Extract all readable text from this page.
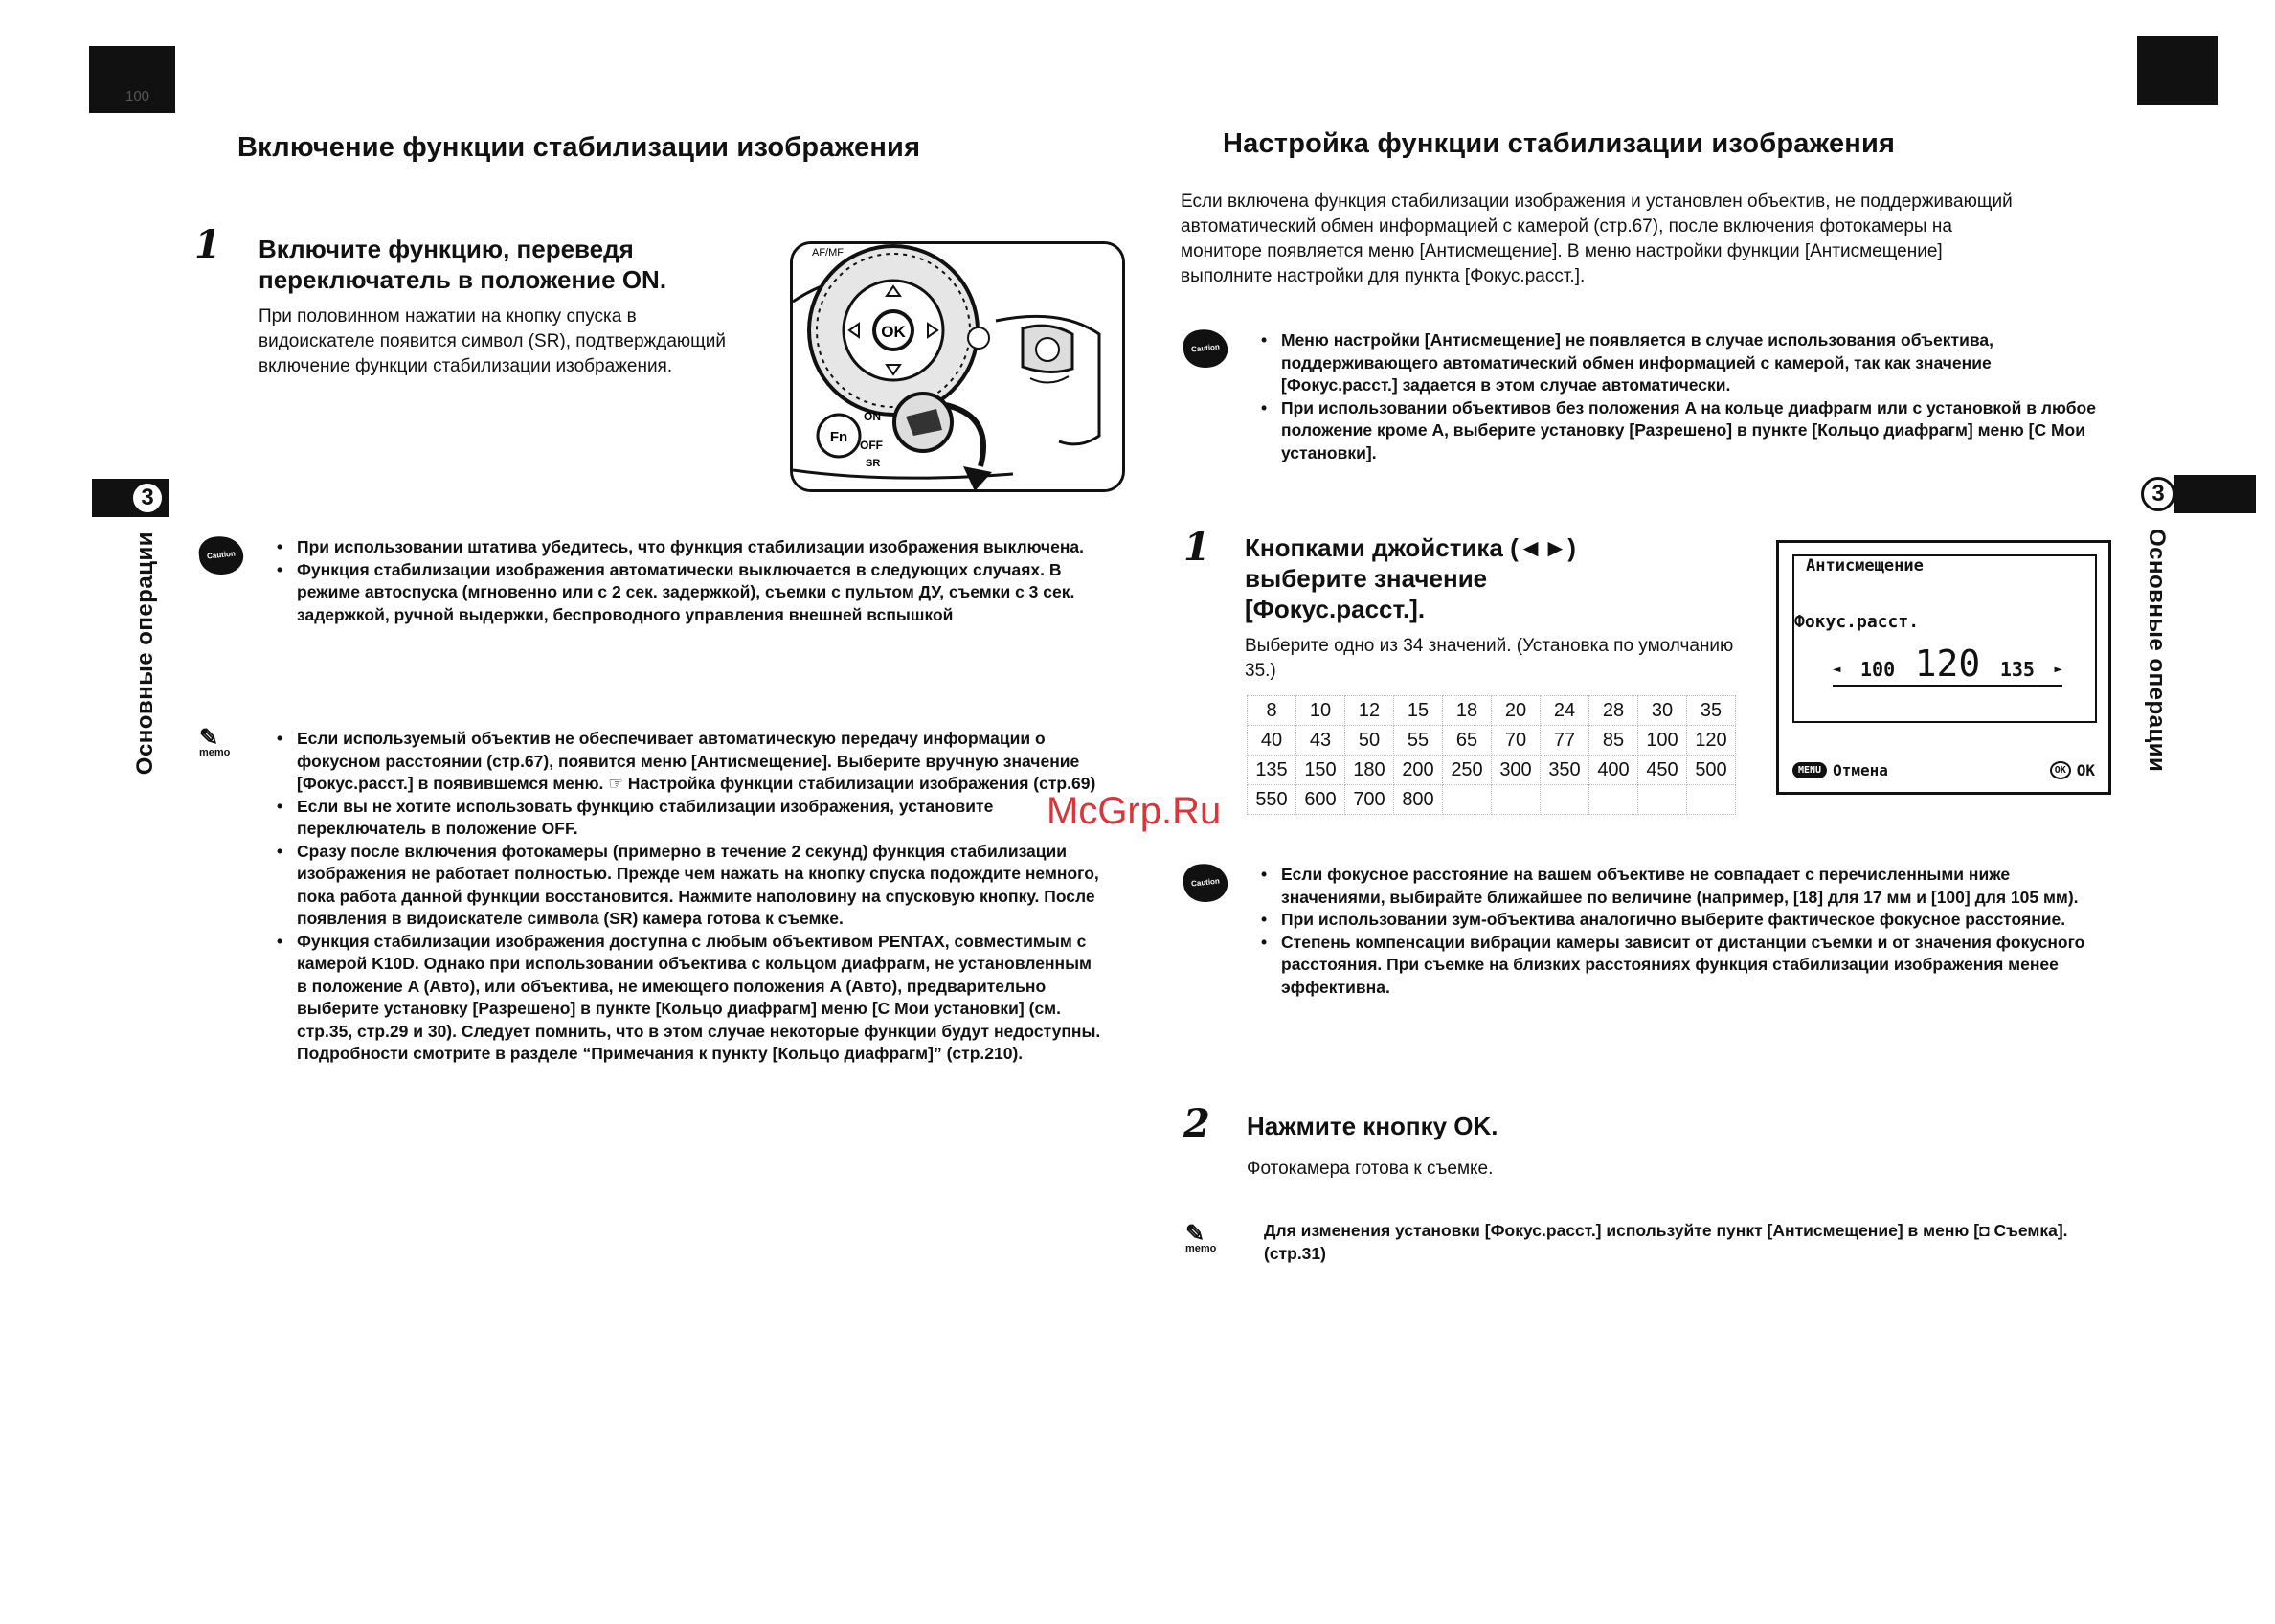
100
Включение функции стабилизации изображения
1 Включите функцию, переведя
переключатель в положение ON.
При половинном нажатии на кнопку спуска в видоискателе появится символ (SR), подтверждающий включение функции стабилизации изображения.
OK
AF/MF
Fn
ON
OFF
SR
Caution	• При использовании штатива убедитесь, что функция стабилизации изображения выключена.
• Функция стабилизации изображения автоматически выключается в следующих случаях. В режиме автоспуска (мгновенно или с 2 сек. задержкой), съемки с пультом ДУ, съемки с 3 сек. задержкой, ручной выдержки, беспроводного управления внешней вспышкой
✎
memo
• Если используемый объектив не обеспечивает автоматическую передачу информации о фокусном расстоянии (стр.67), появится меню [Антисмещение]. Выберите вручную значение [Фокус.расст.] в появившемся меню. ☞ Настройка функции стабилизации изображения (стр.69)
• Если вы не хотите использовать функцию стабилизации изображения, установите переключатель в положение OFF.
• Сразу после включения фотокамеры (примерно в течение 2 секунд) функция стабилизации изображения не работает полностью. Прежде чем нажать на кнопку спуска подождите немного, пока работа данной функции восстановится. Нажмите наполовину на спусковую кнопку. После появления в видоискателе символа (SR) камера готова к съемке.
• Функция стабилизации изображения доступна с любым объективом PENTAX, совместимым с камерой K10D. Однако при использовании объектива с кольцом диафрагм, не установленным в положение A (Авто), или объектива, не имеющего положения A (Авто), предварительно выберите установку [Разрешено] в пункте [Кольцо диафрагм] меню [C Мои установки] (см. стр.35, стр.29 и 30). Следует помнить, что в этом случае некоторые функции будут недоступны. Подробности смотрите в разделе “Примечания к пункту [Кольцо диафрагм]” (стр.210).
3
Основные операции
McGrp.Ru
Настройка функции стабилизации изображения
Если включена функция стабилизации изображения и установлен объектив, не поддерживающий автоматический обмен информацией с камерой (стр.67), после включения фотокамеры на мониторе появляется меню [Антисмещение]. В меню настройки функции [Антисмещение] выполните настройки для пункта [Фокус.расст.].
Caution	• Меню настройки [Антисмещение] не появляется в случае использования объектива, поддерживающего автоматический обмен информацией с камерой, так как значение [Фокус.расст.] задается в этом случае автоматически.
• При использовании объективов без положения A на кольце диафрагм или с установкой в любое положение кроме A, выберите установку [Разрешено] в пункте [Кольцо диафрагм] меню [C Мои установки].
1 Кнопками джойстика (◄►)
выберите значение
[Фокус.расст.].
Выберите одно из 34 значений. (Установка по умолчанию 35.)
8	10	12	15	18	20	24	28	30	35
40	43	50	55	65	70	77	85	100	120
135	150	180	200	250	300	350	400	450	500
550	600	700	800						
Антисмещение
Фокус.расст.
◄ 100 120 135 ►
MENU Отмена	OK OK
Caution	• Если фокусное расстояние на вашем объективе не совпадает с перечисленными ниже значениями, выбирайте ближайшее по величине (например, [18] для 17 мм и [100] для 105 мм).
• При использовании зум-объектива аналогично выберите фактическое фокусное расстояние.
• Степень компенсации вибрации камеры зависит от дистанции съемки и от значения фокусного расстояния. При съемке на близких расстояниях функция стабилизации изображения менее эффективна.
2 Нажмите кнопку OK.
Фотокамера готова к съемке.
✎
memo
Для изменения установки [Фокус.расст.] используйте пункт [Антисмещение] в меню [◘ Съемка]. (стр.31)
3
Основные операции
